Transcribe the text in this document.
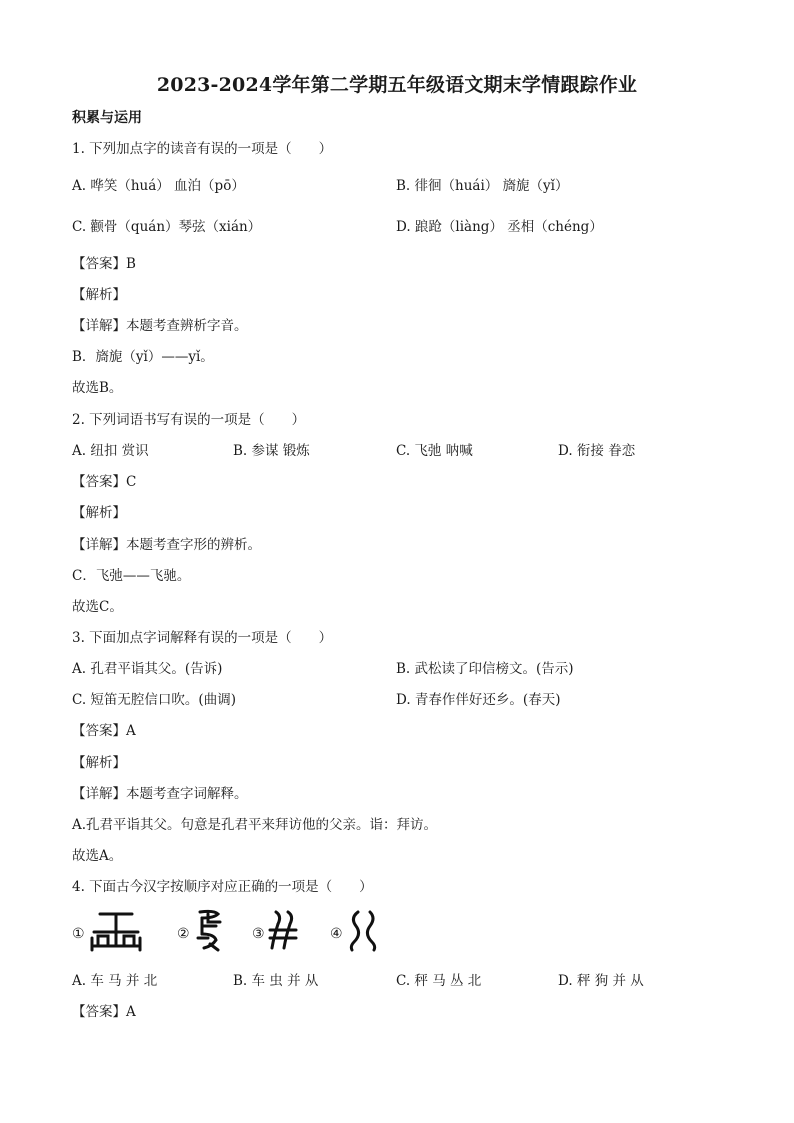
2023-2024学年第二学期五年级语文期末学情跟踪作业
积累与运用
1. 下列加点字的读音有误的一项是（　　）
A. 哗笑（huá） 血泊（pō）	B. 徘徊（huái） 旖旎（yǐ）
C. 颧骨（quán）琴弦（xián）	D. 踉跄（liàng） 丞相（chéng）
【答案】B
【解析】
【详解】本题考查辨析字音。
B．旖旎（yǐ）——yǐ。
故选B。
2. 下列词语书写有误的一项是（　　）
A. 纽扣 赏识	B. 参谋 锻炼	C. 飞弛 呐喊	D. 衔接 眷恋
【答案】C
【解析】
【详解】本题考查字形的辨析。
C．飞弛——飞驰。
故选C。
3. 下面加点字词解释有误的一项是（　　）
A. 孔君平诣其父。(告诉)	B. 武松读了印信榜文。(告示)
C. 短笛无腔信口吹。(曲调)	D. 青春作伴好还乡。(春天)
【答案】A
【解析】
【详解】本题考查字词解释。
A.孔君平诣其父。句意是孔君平来拜访他的父亲。诣：拜访。
故选A。
4. 下面古今汉字按顺序对应正确的一项是（　　）
①	②	③	④
A. 车 马 并 北	B. 车 虫 并 从	C. 秤 马 丛 北	D. 秤 狗 并 从
【答案】A
